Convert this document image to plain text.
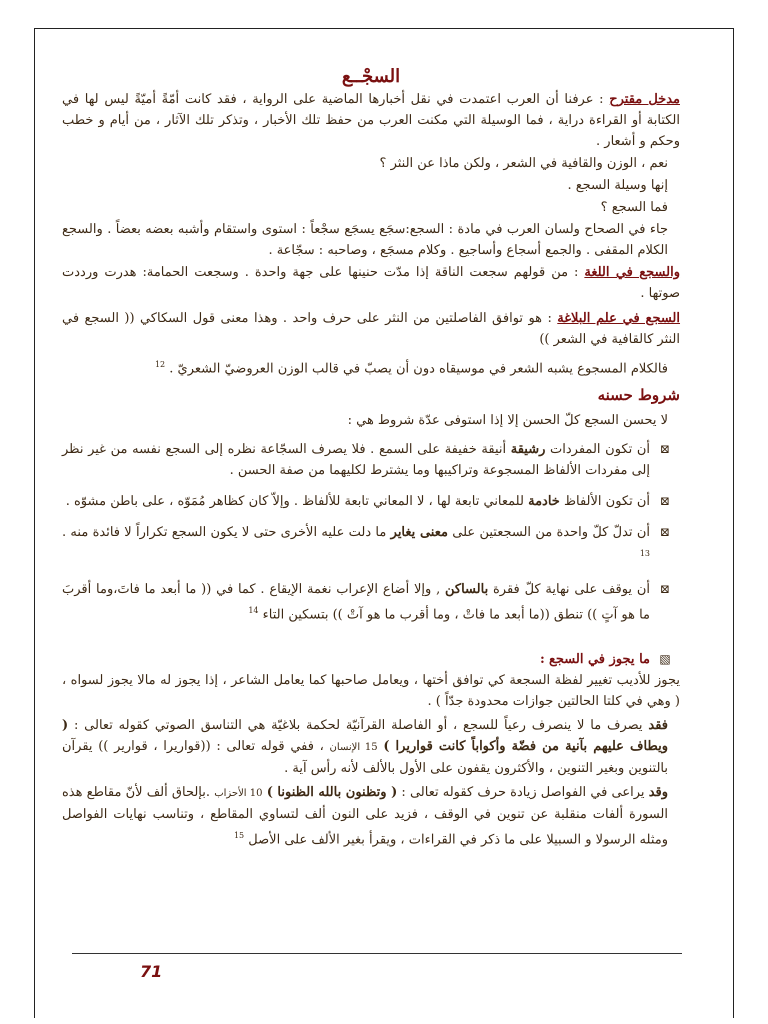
السجْــع

مدخل مقترح : عرفنا أن العرب اعتمدت في نقل أخبارها الماضية على الرواية ، فقد كانت أمّةً أميّةً ليس لها في الكتابة أو القراءة دراية ، فما الوسيلة التي مكنت العرب من حفظ تلك الأخبار ، وتذكر تلك الآثار ، من أيام و خطب وحكم و أشعار .

نعم ، الوزن والقافية في الشعر ، ولكن ماذا عن النثر ؟

إنها وسيلة السجع .

فما السجع ؟

جاء في الصحاح ولسان العرب في مادة : السجع:سجَع يسجَع سجْعاً : استوى واستقام وأشبه بعضه بعضاً . والسجع الكلام المقفى . والجمع أسجاع وأساجيع . وكلام مسجَع ، وصاحبه : سجّاعة .

والسجع في اللغة : من قولهم سجعت الناقة إذا مدّت حنينها على جهة واحدة . وسجعت الحمامة: هدرت ورددت صوتها .

السجع في علم البلاغة : هو توافق الفاصلتين من النثر على حرف واحد . وهذا معنى قول السكاكي (( السجع في النثر كالقافية في الشعر ))

فالكلام المسجوع يشبه الشعر في موسيقاه دون أن يصبّ في قالب الوزن العروضيّ الشعريّ . $^{12}$

شروط حسنه

لا يحسن السجع كلّ الحسن إلا إذا استوفى عدّة شروط هي :

⊠
أن تكون المفردات رشيقة أنيقة خفيفة على السمع . فلا يصرف السجّاعة نظره إلى السجع نفسه من غير نظر إلى مفردات الألفاظ المسجوعة وتراكيبها وما يشترط لكليهما من صفة الحسن .
⊠
أن تكون الألفاظ خادمة للمعاني تابعة لها ، لا المعاني تابعة للألفاظ . وإلاّ كان كظاهر مُمَوّه ، على باطن مشوّه .
⊠
أن تدلّ كلّ واحدة من السجعتين على معنى يغاير ما دلت عليه الأخرى حتى لا يكون السجع تكراراً لا فائدة منه . $^{13}$
⊠
أن يوقف على نهاية كلّ فقرة بالساكن , وإلا أضاع الإعراب نغمة الإيقاع . كما في (( ما أبعد ما فاتَ،وما أقربَ ما هو آتٍ )) تنطق ((ما أبعد ما فاتْ ، وما أقرب ما هو آتْ )) بتسكين التاء $^{14}$
▧
ما يجوز في السجع :

يجوز للأديب تغيير لفظة السجعة كي توافق أختها ، ويعامل صاحبها كما يعامل الشاعر ، إذا يجوز له مالا يجوز لسواه ، ( وهي في كلتا الحالتين جوازات محدودة جدّاً ) .

فقد يصرف ما لا ينصرف رعياً للسجع ، أو الفاصلة القرآنيّة لحكمة بلاغيّة هي التناسق الصوتي كقوله تعالى : ( ويطاف عليهم بآنية من فضّة وأكواباً كانت قواريرا ) 15 الإنسان ، ففي قوله تعالى : ((قواريرا ، قوارير )) يقرآن بالتنوين وبغير التنوين ، والأكثرون يقفون على الأول بالألف لأنه رأس آية .

وقد يراعى في الفواصل زيادة حرف كقوله تعالى : ( وتظنون بالله الظنونا ) 10 الأحزاب .بإلحاق ألف لأنّ مقاطع هذه السورة ألفات منقلبة عن تنوين في الوقف ، فزيد على النون ألف لتساوي المقاطع ، وتناسب نهايات الفواصل ومثله الرسولا و السبيلا على ما ذكر في القراءات ، ويقرأ بغير الألف على الأصل $^{15}$

71
